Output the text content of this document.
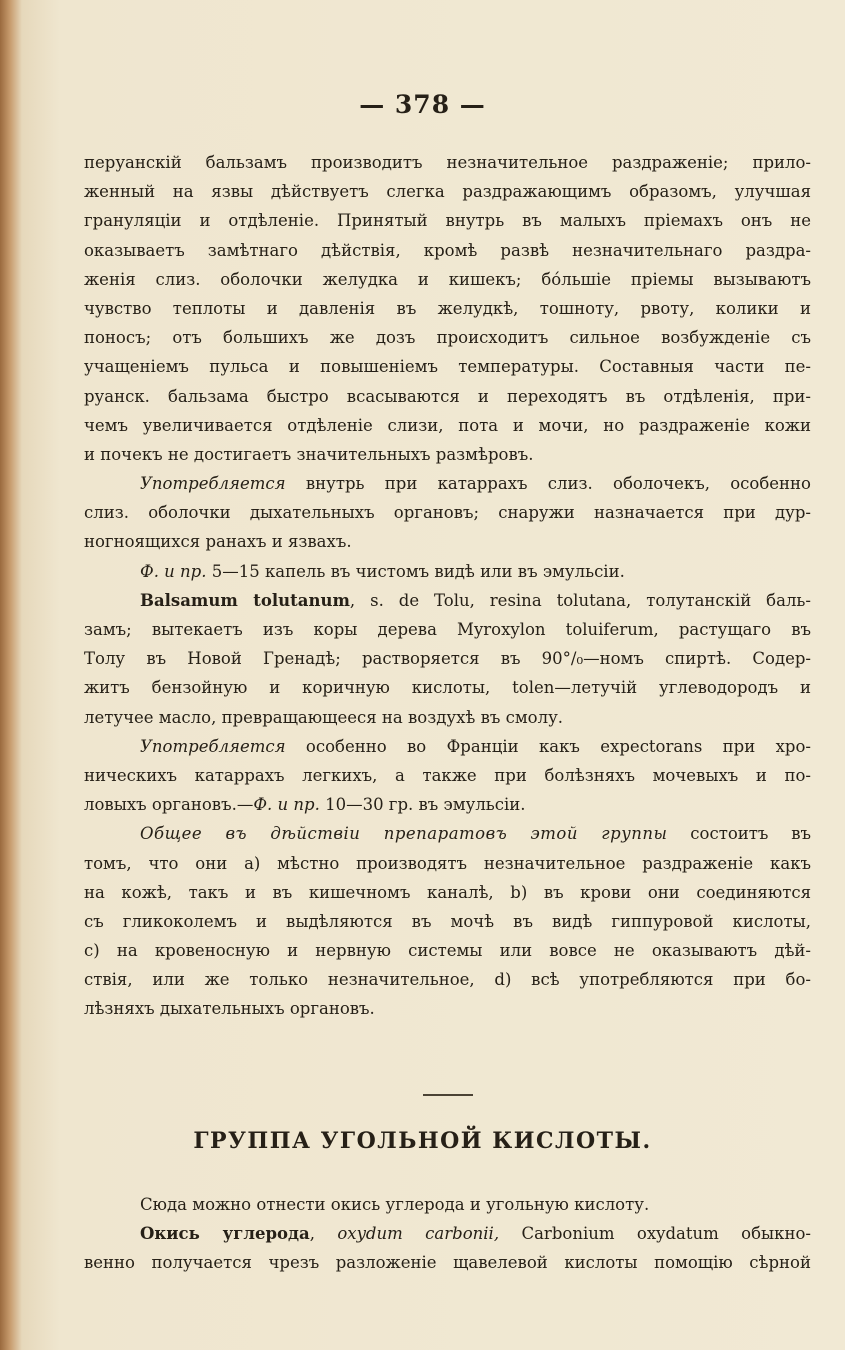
— 378 —
перуанскій бальзамъ производитъ незначительное раздраженіе; прило-
женный на язвы дѣйствуетъ слегка раздражающимъ образомъ, улучшая
грануляціи и отдѣленіе. Принятый внутрь въ малыхъ пріемахъ онъ не
оказываетъ замѣтнаго дѣйствія, кромѣ развѣ незначительнаго раздра-
женія слиз. оболочки желудка и кишекъ; бо́льшіе пріемы вызываютъ
чувство теплоты и давленія въ желудкѣ, тошноту, рвоту, колики и
поносъ; отъ большихъ же дозъ происходитъ сильное возбужденіе съ
учащеніемъ пульса и повышеніемъ температуры. Составныя части пе-
руанск. бальзама быстро всасываются и переходятъ въ отдѣленія, при-
чемъ увеличивается отдѣленіе слизи, пота и мочи, но раздраженіе кожи
и почекъ не достигаетъ значительныхъ размѣровъ.
Употребляется внутрь при катаррахъ слиз. оболочекъ, особенно
слиз. оболочки дыхательныхъ органовъ; снаружи назначается при дур-
ногноящихся ранахъ и язвахъ.
Ф. и пр. 5—15 капель въ чистомъ видѣ или въ эмульсіи.
Balsamum tolutanum, s. de Tolu, resina tolutana, толутанскій баль-
замъ; вытекаетъ изъ коры дерева Myroxylon toluiferum, растущаго въ
Толу въ Новой Гренадѣ; растворяется въ 90°/₀—номъ спиртѣ. Содер-
житъ бензойную и коричную кислоты, tolen—летучій углеводородъ и
летучее масло, превращающееся на воздухѣ въ смолу.
Употребляется особенно во Франціи какъ expectorans при хро-
ническихъ катаррахъ легкихъ, а также при болѣзняхъ мочевыхъ и по-
ловыхъ органовъ.—Ф. и пр. 10—30 гр. въ эмульсіи.
Общее въ дѣйствіи препаратовъ этой группы состоитъ въ
томъ, что они a) мѣстно производятъ незначительное раздраженіе какъ
на кожѣ, такъ и въ кишечномъ каналѣ, b) въ крови они соединяются
съ гликоколемъ и выдѣляются въ мочѣ въ видѣ гиппуровой кислоты,
c) на кровеносную и нервную системы или вовсе не оказываютъ дѣй-
ствія, или же только незначительное, d) всѣ употребляются при бо-
лѣзняхъ дыхательныхъ органовъ.
ГРУППА УГОЛЬНОЙ КИСЛОТЫ.
Сюда можно отнести окись углерода и угольную кислоту.
Окись углерода, oxydum carbonii, Carbonium oxydatum обыкно-
венно получается чрезъ разложеніе щавелевой кислоты помощію сѣрной
